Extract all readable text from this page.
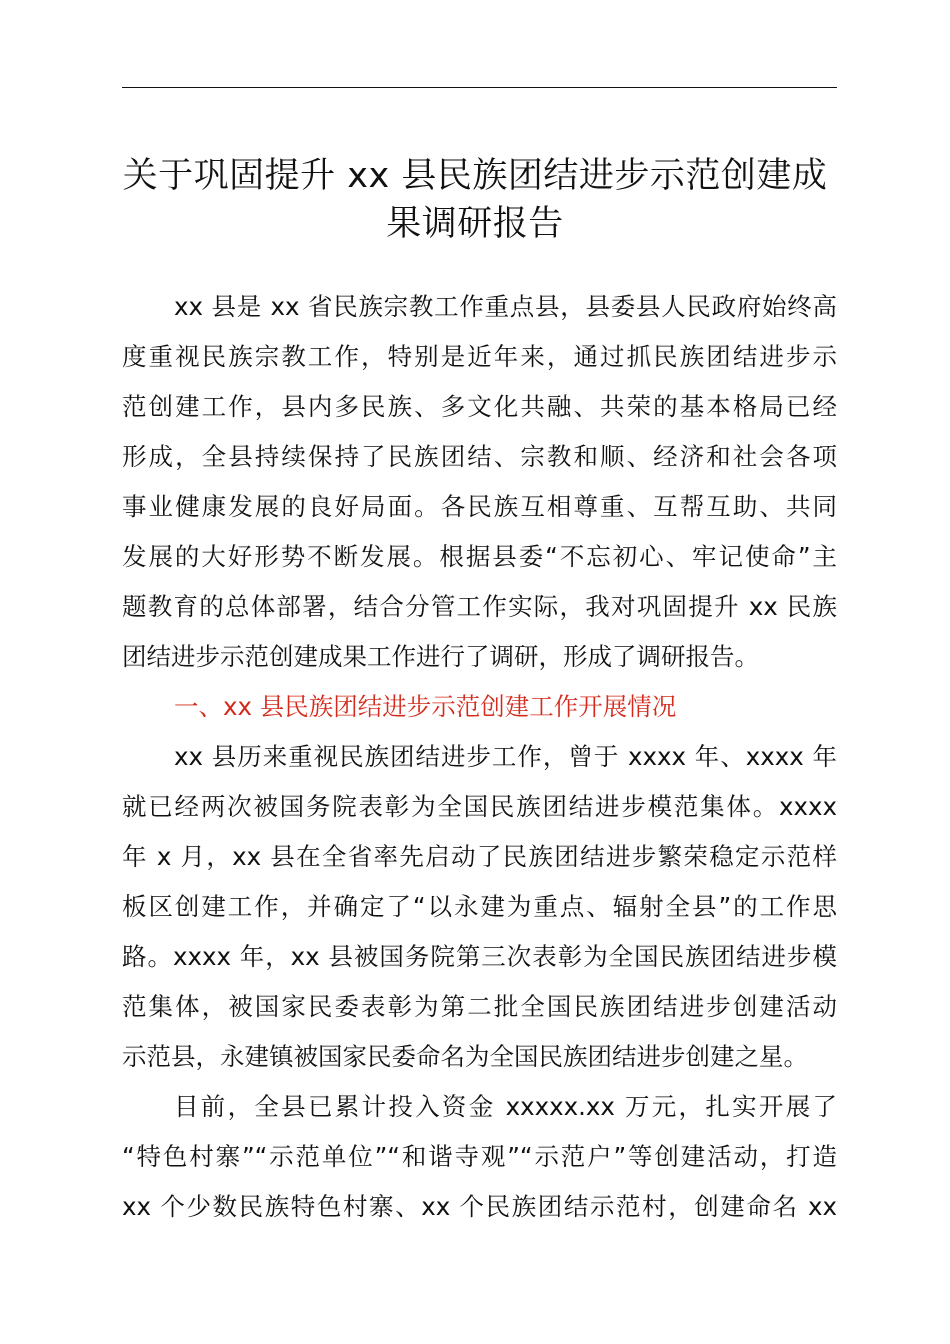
关于巩固提升 xx 县民族团结进步示范创建成
果调研报告

xx 县是 xx 省民族宗教工作重点县，县委县人民政府始终高
度重视民族宗教工作，特别是近年来，通过抓民族团结进步示
范创建工作，县内多民族、多文化共融、共荣的基本格局已经
形成，全县持续保持了民族团结、宗教和顺、经济和社会各项
事业健康发展的良好局面。各民族互相尊重、互帮互助、共同
发展的大好形势不断发展。根据县委“不忘初心、牢记使命”主
题教育的总体部署，结合分管工作实际，我对巩固提升 xx 民族
团结进步示范创建成果工作进行了调研，形成了调研报告。

一、xx 县民族团结进步示范创建工作开展情况

xx 县历来重视民族团结进步工作，曾于 xxxx 年、xxxx 年
就已经两次被国务院表彰为全国民族团结进步模范集体。xxxx
年 x 月，xx 县在全省率先启动了民族团结进步繁荣稳定示范样
板区创建工作，并确定了“以永建为重点、辐射全县”的工作思
路。xxxx 年，xx 县被国务院第三次表彰为全国民族团结进步模
范集体，被国家民委表彰为第二批全国民族团结进步创建活动
示范县，永建镇被国家民委命名为全国民族团结进步创建之星。

目前，全县已累计投入资金 xxxxx.xx 万元，扎实开展了
“特色村寨”“示范单位”“和谐寺观”“示范户”等创建活动，打造
xx 个少数民族特色村寨、xx 个民族团结示范村，创建命名 xx
